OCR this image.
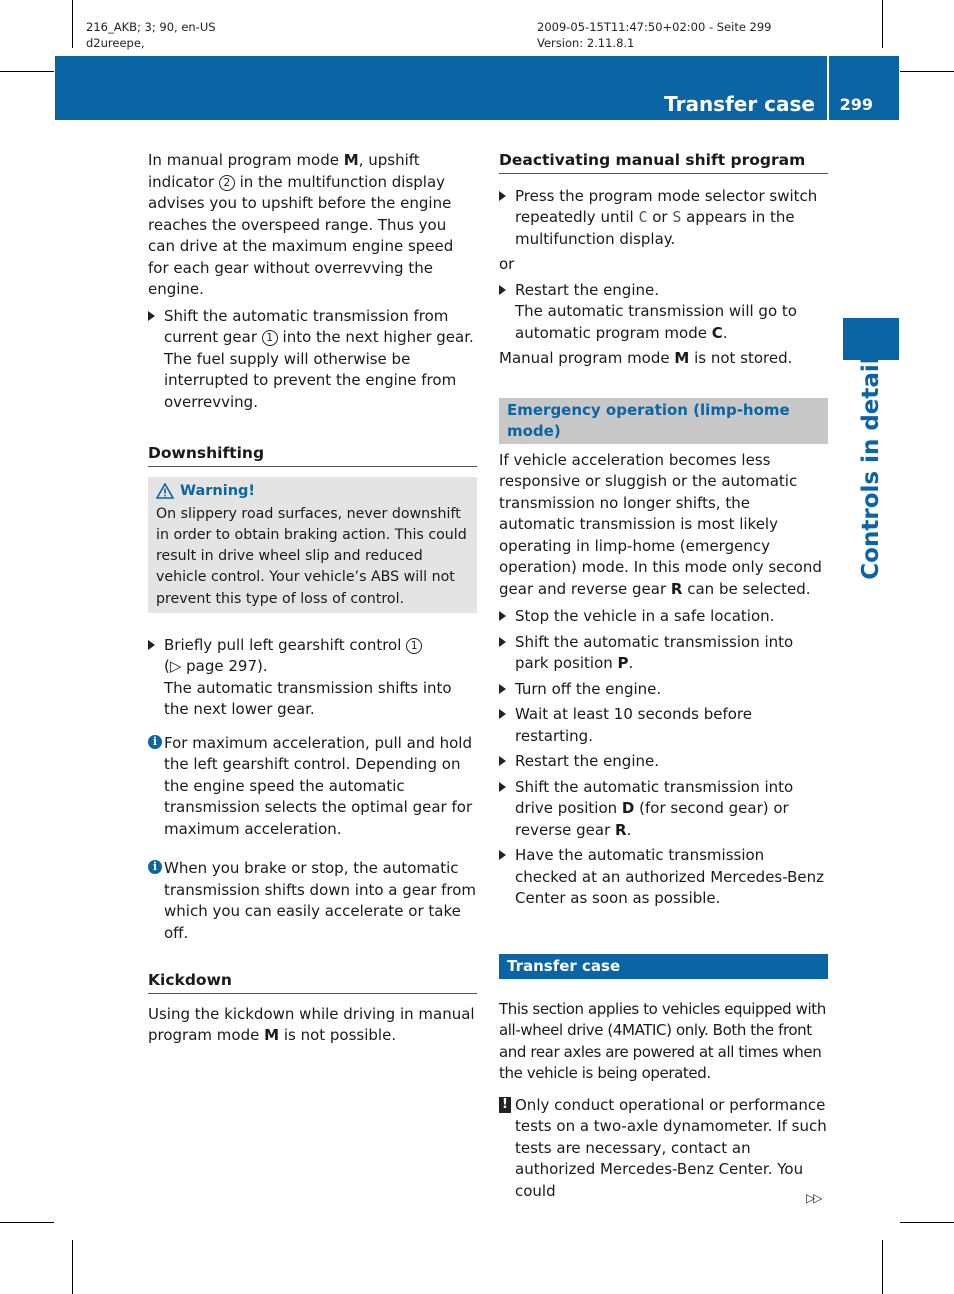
216_AKB; 3; 90, en-US
d2ureepe,
2009-05-15T11:47:50+02:00 - Seite 299
Version: 2.11.8.1
Transfer case 299
Controls in detail

In manual program mode M, upshift indicator 2 in the multifunction display advises you to upshift before the engine reaches the overspeed range. Thus you can drive at the maximum engine speed for each gear without overrevving the engine.

Shift the automatic transmission from current gear 1 into the next higher gear.
The fuel supply will otherwise be interrupted to prevent the engine from overrevving.
Downshifting
Warning!
On slippery road surfaces, never downshift in order to obtain braking action. This could result in drive wheel slip and reduced vehicle control. Your vehicle’s ABS will not prevent this type of loss of control.
Briefly pull left gearshift control 1
(▷ page 297).
The automatic transmission shifts into the next lower gear.
i For maximum acceleration, pull and hold the left gearshift control. Depending on the engine speed the automatic transmission selects the optimal gear for maximum acceleration.
i When you brake or stop, the automatic transmission shifts down into a gear from which you can easily accelerate or take off.
Kickdown

Using the kickdown while driving in manual program mode M is not possible.

Deactivating manual shift program
Press the program mode selector switch repeatedly until C or S appears in the multifunction display.

or

Restart the engine.
The automatic transmission will go to automatic program mode C.

Manual program mode M is not stored.

Emergency operation (limp-home mode)

If vehicle acceleration becomes less responsive or sluggish or the automatic transmission no longer shifts, the automatic transmission is most likely operating in limp-home (emergency operation) mode. In this mode only second gear and reverse gear R can be selected.

Stop the vehicle in a safe location.
Shift the automatic transmission into park position P.
Turn off the engine.
Wait at least 10 seconds before restarting.
Restart the engine.
Shift the automatic transmission into drive position D (for second gear) or reverse gear R.
Have the automatic transmission checked at an authorized Mercedes-Benz Center as soon as possible.
Transfer case

This section applies to vehicles equipped with all-wheel drive (4MATIC) only. Both the front and rear axles are powered at all times when the vehicle is being operated.

! Only conduct operational or performance tests on a two-axle dynamometer. If such tests are necessary, contact an authorized Mercedes-Benz Center. You could	▷▷
